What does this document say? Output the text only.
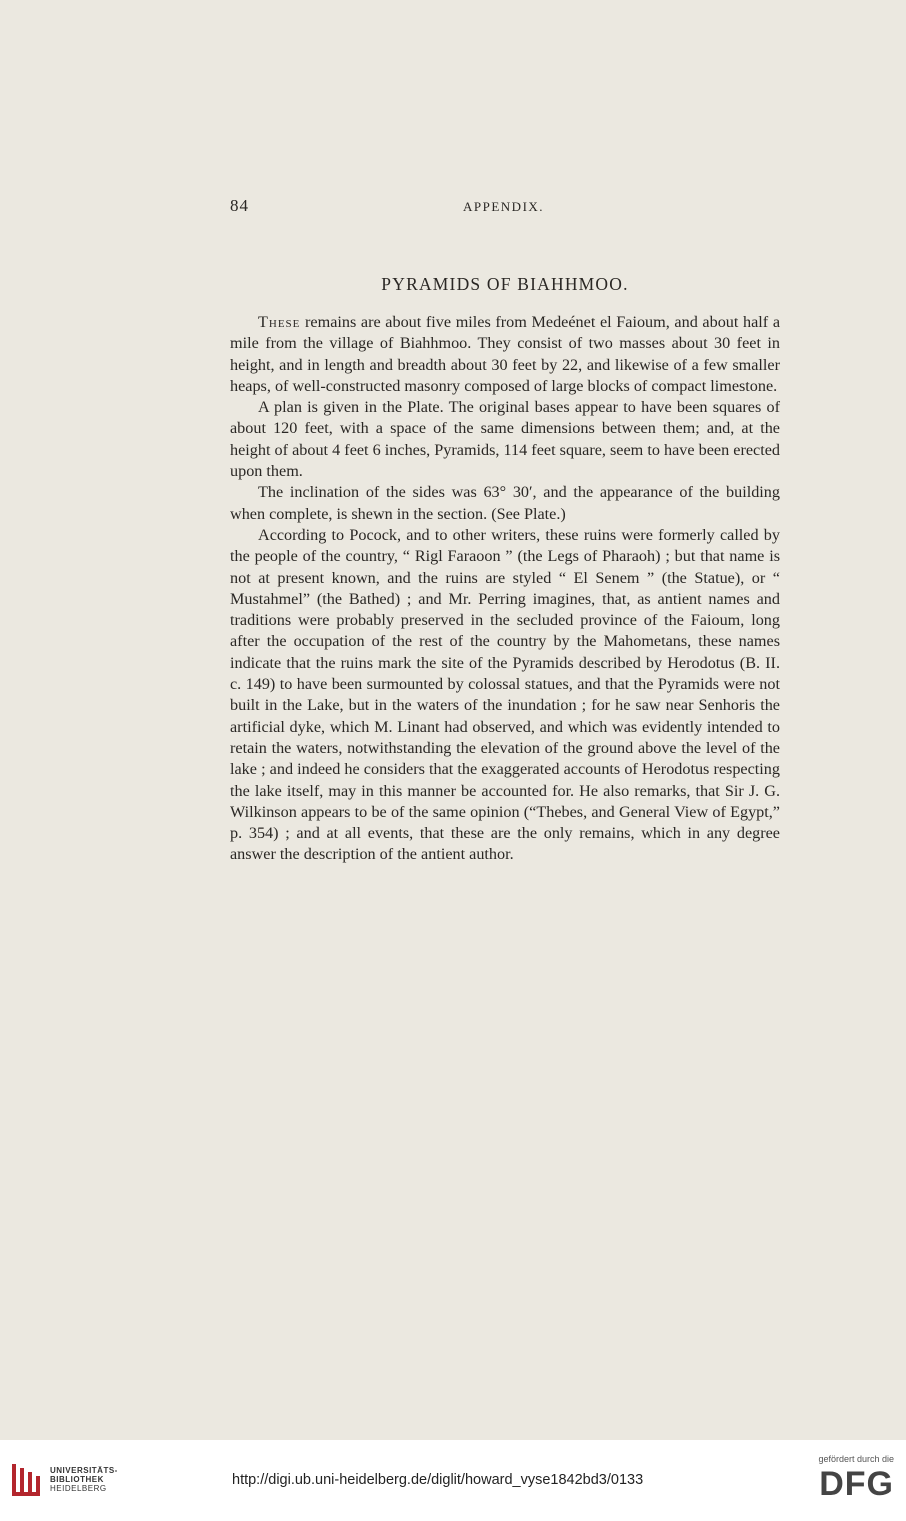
84	APPENDIX.
PYRAMIDS OF BIAHHMOO.

These remains are about five miles from Medeénet el Faioum, and about half a mile from the village of Biahhmoo. They consist of two masses about 30 feet in height, and in length and breadth about 30 feet by 22, and likewise of a few smaller heaps, of well-constructed masonry composed of large blocks of compact limestone.

A plan is given in the Plate. The original bases appear to have been squares of about 120 feet, with a space of the same dimensions between them; and, at the height of about 4 feet 6 inches, Pyramids, 114 feet square, seem to have been erected upon them.

The inclination of the sides was 63° 30′, and the appearance of the building when complete, is shewn in the section. (See Plate.)

According to Pocock, and to other writers, these ruins were formerly called by the people of the country, “ Rigl Faraoon ” (the Legs of Pharaoh) ; but that name is not at present known, and the ruins are styled “ El Senem ” (the Statue), or “ Mustahmel” (the Bathed) ; and Mr. Perring imagines, that, as antient names and traditions were probably preserved in the secluded province of the Faioum, long after the occupation of the rest of the country by the Mahometans, these names indicate that the ruins mark the site of the Pyramids described by Herodotus (B. II. c. 149) to have been surmounted by colossal statues, and that the Pyramids were not built in the Lake, but in the waters of the inundation ; for he saw near Senhoris the artificial dyke, which M. Linant had observed, and which was evidently intended to retain the waters, notwithstanding the elevation of the ground above the level of the lake ; and indeed he considers that the exaggerated accounts of Herodotus respecting the lake itself, may in this manner be accounted for. He also remarks, that Sir J. G. Wilkinson appears to be of the same opinion (“Thebes, and General View of Egypt,” p. 354) ; and at all events, that these are the only remains, which in any degree answer the description of the antient author.

UNIVERSITÄTS-
BIBLIOTHEK
HEIDELBERG
http://digi.ub.uni-heidelberg.de/diglit/howard_vyse1842bd3/0133
gefördert durch die
DFG
